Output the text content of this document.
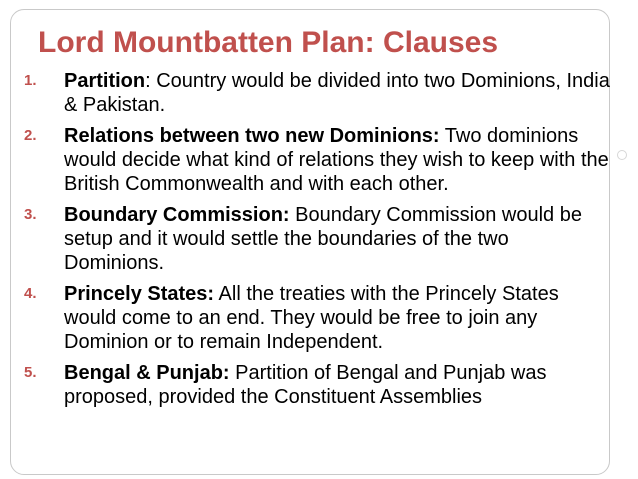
Lord Mountbatten Plan: Clauses
1. Partition: Country would be divided into two Dominions, India & Pakistan.
2. Relations between two new Dominions: Two dominions would decide what kind of relations they wish to keep with the British Commonwealth and with each other.
3. Boundary Commission: Boundary Commission would be setup and it would settle the boundaries of the two Dominions.
4. Princely States: All the treaties with the Princely States would come to an end. They would be free to join any Dominion or to remain Independent.
5. Bengal & Punjab: Partition of Bengal and Punjab was proposed, provided the Constituent Assemblies
